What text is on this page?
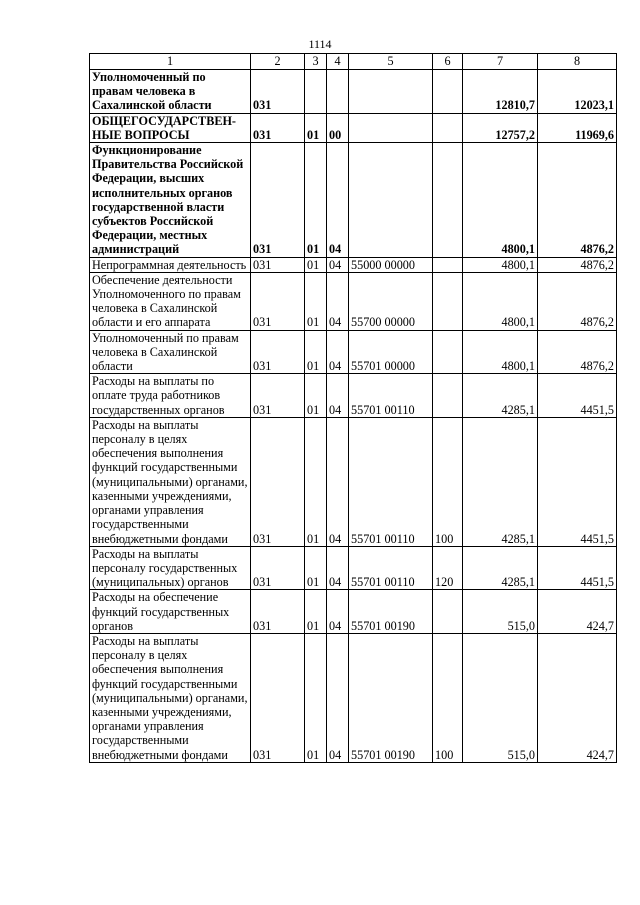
1114
1	2	3	4	5	6	7	8
Уполномоченный по правам человека в Сахалинской области	031					12810,7	12023,1
ОБЩЕГОСУДАРСТВЕН-НЫЕ ВОПРОСЫ	031	01	00			12757,2	11969,6
Функционирование Правительства Российской Федерации, высших исполнительных органов государственной власти субъектов Российской Федерации, местных администраций	031	01	04			4800,1	4876,2
Непрограммная деятельность	031	01	04	55000 00000		4800,1	4876,2
Обеспечение деятельности Уполномоченного по правам человека в Сахалинской области и его аппарата	031	01	04	55700 00000		4800,1	4876,2
Уполномоченный по правам человека в Сахалинской области	031	01	04	55701 00000		4800,1	4876,2
Расходы на выплаты по оплате труда работников государственных органов	031	01	04	55701 00110		4285,1	4451,5
Расходы на выплаты персоналу в целях обеспечения выполнения функций государственными (муниципальными) органами, казенными учреждениями, органами управления государственными внебюджетными фондами	031	01	04	55701 00110	100	4285,1	4451,5
Расходы на выплаты персоналу государственных (муниципальных) органов	031	01	04	55701 00110	120	4285,1	4451,5
Расходы на обеспечение функций государственных органов	031	01	04	55701 00190		515,0	424,7
Расходы на выплаты персоналу в целях обеспечения выполнения функций государственными (муниципальными) органами, казенными учреждениями, органами управления государственными внебюджетными фондами	031	01	04	55701 00190	100	515,0	424,7
